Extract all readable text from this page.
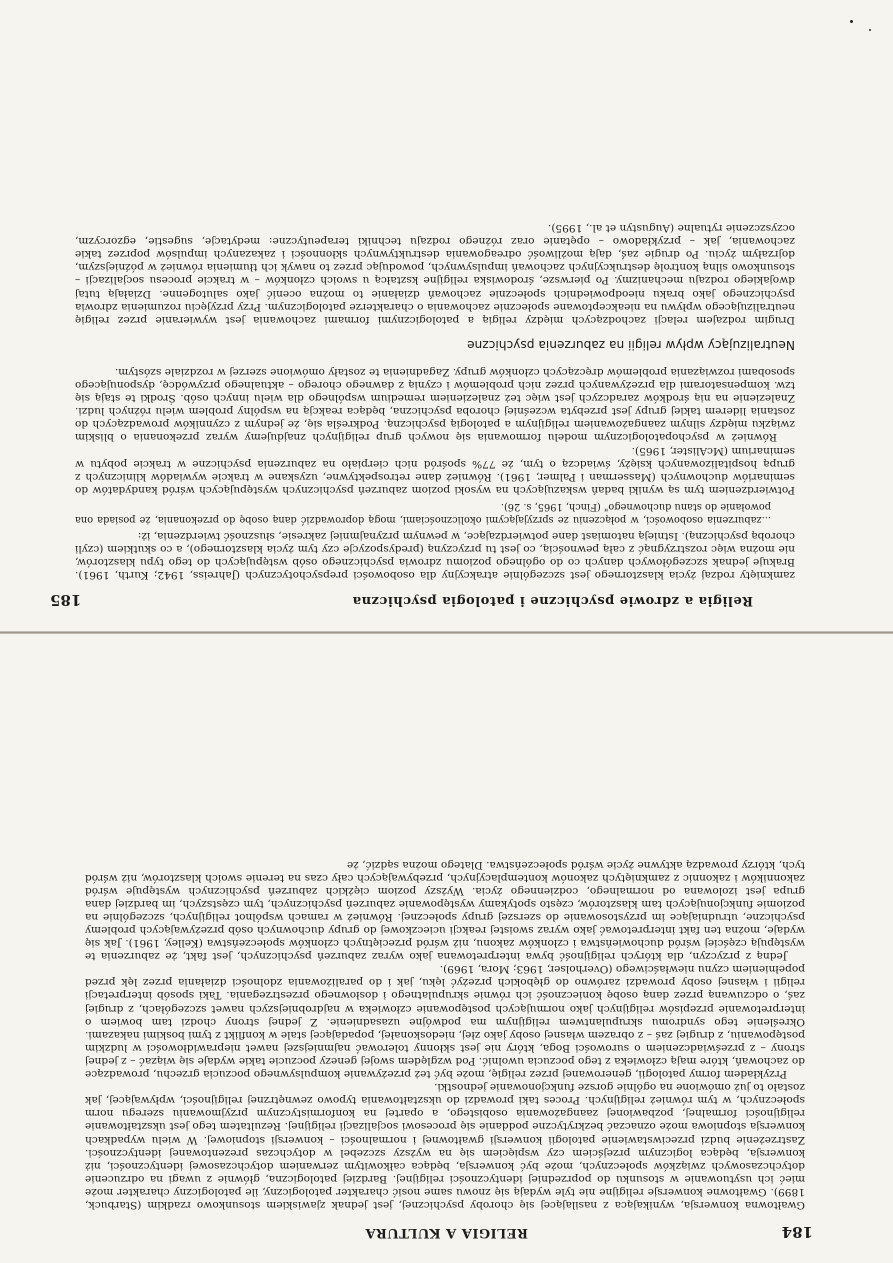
184
RELIGIA A KULTURA

Gwałtowna konwersja, wynikająca z nasilającej się choroby psychicznej, jest jednak zjawiskiem stosunkowo rzadkim (Starbuck, 1899). Gwałtowne konwersje religijne nie tyle wydają się znowu same nosić charakter patologiczny, ile patologiczny charakter może mieć ich usytuowanie w stosunku do poprzedniej identyczności religijnej. Bardziej patologiczna, głównie z uwagi na odrzucenie dotychczasowych związków społecznych, może być konwersja, będąca całkowitym zerwaniem dotychczasowej identyczności, niż konwersja, będąca logicznym przejściem czy wspięciem się na wyższy szczebel w dotychczas prezentowanej identyczności. Zastrzeżenie budzi przeciwstawienie patologii konwersji gwałtownej i normalności – konwersji stopniowej. W wielu wypadkach konwersja stopniowa może oznaczać bezkrytyczne poddanie się procesowi socjalizacji religijnej. Rezultatem tego jest ukształtowanie religijności formalnej, pozbawionej zaangażowania osobistego, a opartej na konformistycznym przyjmowaniu szeregu norm społecznych, w tym również religijnych. Proces taki prowadzi do ukształtowania typowo zewnętrznej religijności, wpływającej, jak zostało to już omówione na ogólnie gorsze funkcjonowanie jednostki.

Przykładem formy patologii, generowanej przez religię, może być też przeżywanie kompulsywnego poczucia grzechu, prowadzące do zachowań, które mają człowieka z tego poczucia uwolnić. Pod względem swojej genezy poczucie takie wydaje się wiązać – z jednej strony – z przeświadczeniem o surowości Boga, który nie jest skłonny tolerować najmniejszej nawet nieprawidłowości w ludzkim postępowaniu, z drugiej zaś – z obrazem własnej osoby jako złej, niedoskonałej, popadającej stale w konflikt z tymi boskimi nakazami. Określenie tego syndromu skrupulantwem religijnym ma podwójne uzasadnienie. Z jednej strony chodzi tam bowiem o interpretowanie przepisów religijnych jako normujących postępowanie człowieka w najdrobniejszych nawet szczegółach, z drugiej zaś, o odczuwaną przez daną osobę konieczność ich równie skrupulatnego i dosłownego przestrzegania. Taki sposób interpretacji religii i własnej osoby prowadzi zarówno do głębokich przeżyć lęku, jak i do paraliżowania zdolności działania przez lęk przed popełnieniem czynu niewłaściwego (Overholser, 1963; Mora, 1969).

Jedną z przyczyn, dla których religijność bywa interpretowana jako wyraz zaburzeń psychicznych, jest fakt, że zaburzenia te występują częściej wśród duchowieństwa i członków zakonu, niż wśród przeciętnych członków społeczeństwa (Kelley, 1961). Jak się wydaje, można ten fakt interpretować jako wyraz swoistej reakcji ucieczkowej do grupy duchownych osób przeżywających problemy psychiczne, utrudniające im przystosowanie do szerszej grupy społecznej. Również w ramach wspólnot religijnych, szczególnie na poziomie funkcjonujących tam klasztorów, często spotykamy występowanie zaburzeń psychicznych, tym częstszych, im bardziej dana grupa jest izolowana od normalnego, codziennego życia. Wyższy poziom ciężkich zaburzeń psychicznych występuje wśród zakonników i zakonnic z zamkniętych zakonów kontemplacyjnych, przebywających cały czas na terenie swoich klasztorów, niż wśród tych, którzy prowadzą aktywne życie wśród społeczeństwa. Dlatego można sądzić, że

Religia a zdrowie psychiczne i patologia psychiczna
185

zamknięty rodzaj życia klasztornego jest szczególnie atrakcyjny dla osobowości prepsychotycznych (Jahreiss, 1942; Kurth, 1961). Brakuje jednak szczegółowych danych co do ogólnego poziomu zdrowia psychicznego osób wstępujących do tego typu klasztorów, nie można więc rozstrzygnąć z całą pewnością, co jest tu przyczyną (predyspozycje czy tym życia klasztornego), a co skutkiem (czyli chorobą psychiczną). Istnieją natomiast dane potwierdzające, w pewnym przynajmniej zakresie, słuszność twierdzenia, iż:

...zaburzenia osobowości, w połączeniu ze sprzyjającymi okolicznościami, mogą doprowadzić daną osobę do przekonania, że posiada ona powołanie do stanu duchownego" (Finch, 1965, s. 26).

Potwierdzeniem tym są wyniki badań wskazujących na wysoki poziom zaburzeń psychicznych występujących wśród kandydatów do seminariów duchownych (Masserman i Palmer, 1961). Również dane retrospektywne, uzyskane w trakcie wywiadów klinicznych z grupą hospitalizowanych księży, świadczą o tym, że 77% spośród nich cierpiało na zaburzenia psychiczne w trakcie pobytu w seminarium (McAlister, 1965).

Również w psychopatologicznym modelu formowania się nowych grup religijnych znajdujemy wyraz przekonania o bliskim związku między silnym zaangażowaniem religijnym a patologią psychiczną. Podkreśla się, że jednym z czynników prowadzących do zostania liderem takiej grupy jest przebyta wcześniej choroba psychiczna, będąca reakcją na wspólny problem wielu różnych ludzi. Znalezienie na nią środków zaradczych jest więc też znalezieniem remedium wspólnego dla wielu innych osób. Środki te stają się tzw. kompensatorami dla przeżywanych przez nich problemów i czynią z dawnego chorego – aktualnego przywódcę, dysponującego sposobami rozwiązania problemów dręczących członków grupy. Zagadnienia te zostały omówione szerzej w rozdziale szóstym.

Neutralizujący wpływ religii na zaburzenia psychiczne

Drugim rodzajem relacji zachodzących między religią a patologicznymi formami zachowania jest wywieranie przez religię neutralizującego wpływu na nieakceptowane społecznie zachowania o charakterze patologicznym. Przy przyjęciu rozumienia zdrowia psychicznego jako braku nieodpowiednich społecznie zachowań działanie to można ocenić jako salutogenne. Działają tutaj dwojakiego rodzaju mechanizmy. Po pierwsze, środowiska religijne kształcą u swoich członków – w trakcie procesu socjalizacji – stosunkowo silną kontrolę destrukcyjnych zachowań impulsywnych, powodując przez to nawyk ich tłumienia również w późniejszym, dojrzałym życiu. Po drugie zaś, dają możliwość odreagowania destruktywnych skłonności i zakazanych impulsów poprzez takie zachowania, jak – przykładowo – opętanie oraz różnego rodzaju techniki terapeutyczne: medytacje, sugestie, egzorcyzm, oczyszczenie rytualne (Augustyn et al., 1995).
